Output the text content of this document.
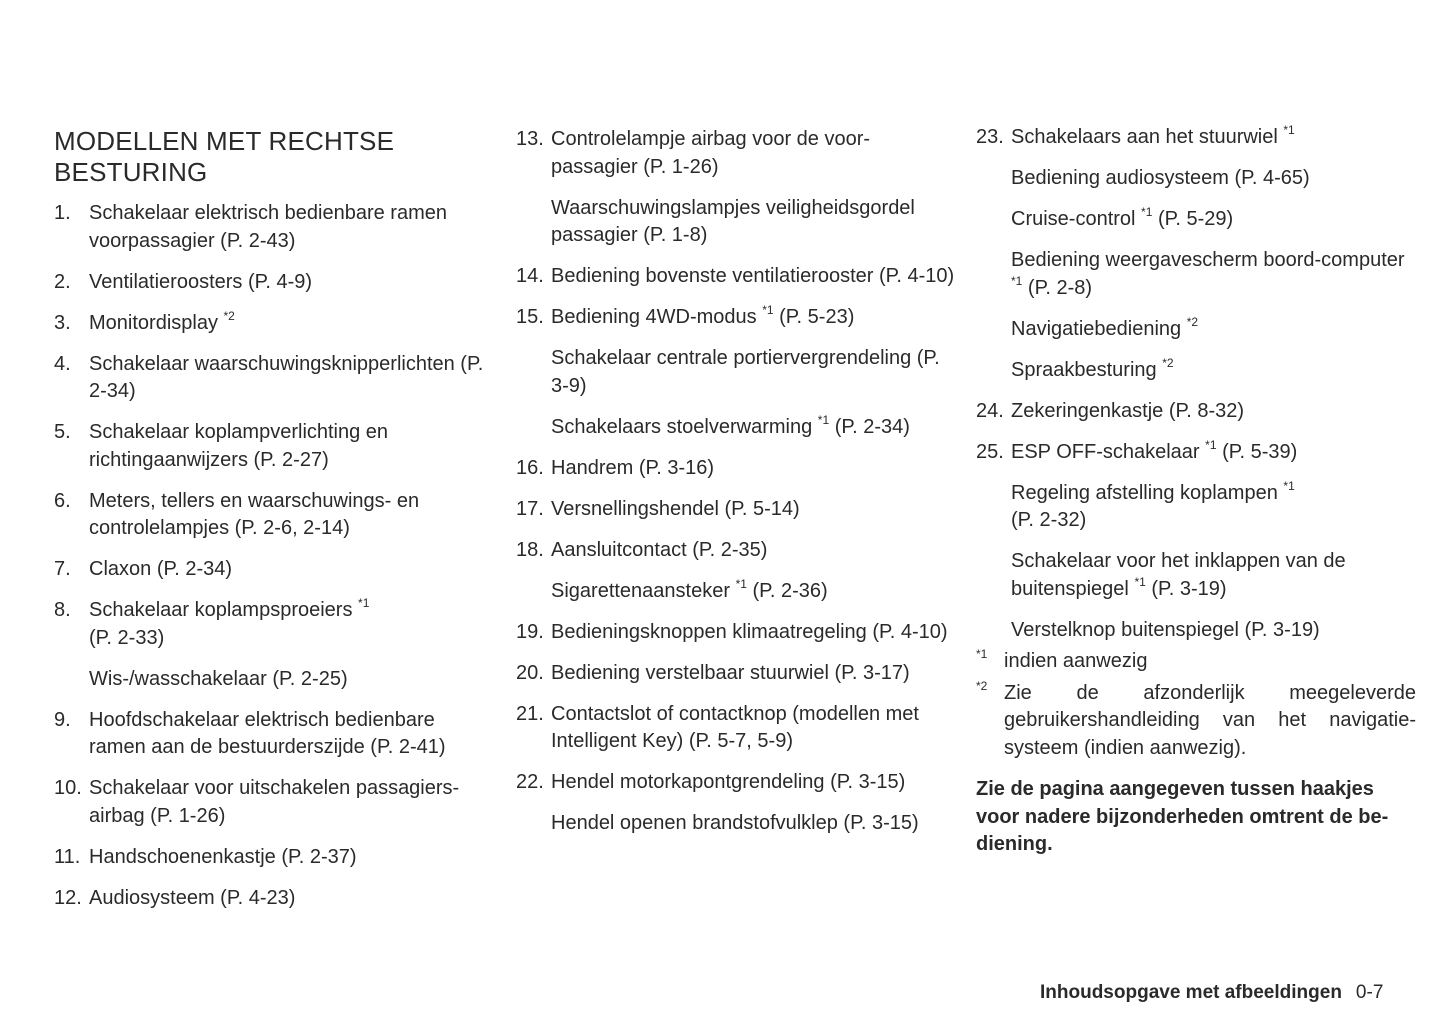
MODELLEN MET RECHTSE
BESTURING
1. Schakelaar elektrisch bedienbare ramen voorpassagier (P. 2-43)
2. Ventilatieroosters (P. 4-9)
3. Monitordisplay $^{*2}$
4. Schakelaar waarschuwingsknipperlichten (P. 2-34)
5. Schakelaar koplampverlichting en richtingaanwijzers (P. 2-27)
6. Meters, tellers en waarschuwings- en controlelampjes (P. 2-6, 2-14)
7. Claxon (P. 2-34)
8. Schakelaar koplampsproeiers $^{*1}$
(P. 2-33)
Wis-/wasschakelaar (P. 2-25)
9. Hoofdschakelaar elektrisch bedienbare ramen aan de bestuurderszijde (P. 2-41)
10. Schakelaar voor uitschakelen passagiers-airbag (P. 1-26)
11. Handschoenenkastje (P. 2-37)
12. Audiosysteem (P. 4-23)
13. Controlelampje airbag voor de voor-passagier (P. 1-26)
Waarschuwingslampjes veiligheidsgordel passagier (P. 1-8)
14. Bediening bovenste ventilatierooster (P. 4-10)
15. Bediening 4WD-modus $^{*1}$ (P. 5-23)
Schakelaar centrale portiervergrendeling (P. 3-9)
Schakelaars stoelverwarming $^{*1}$ (P. 2-34)
16. Handrem (P. 3-16)
17. Versnellingshendel (P. 5-14)
18. Aansluitcontact (P. 2-35)
Sigarettenaansteker $^{*1}$ (P. 2-36)
19. Bedieningsknoppen klimaatregeling (P. 4-10)
20. Bediening verstelbaar stuurwiel (P. 3-17)
21. Contactslot of contactknop (modellen met Intelligent Key) (P. 5-7, 5-9)
22. Hendel motorkapontgrendeling (P. 3-15)
Hendel openen brandstofvulklep (P. 3-15)
23. Schakelaars aan het stuurwiel $^{*1}$
Bediening audiosysteem (P. 4-65)
Cruise-control $^{*1}$ (P. 5-29)
Bediening weergavescherm boord-computer $^{*1}$ (P. 2-8)
Navigatiebediening $^{*2}$
Spraakbesturing $^{*2}$
24. Zekeringenkastje (P. 8-32)
25. ESP OFF-schakelaar $^{*1}$ (P. 5-39)
Regeling afstelling koplampen $^{*1}$
(P. 2-32)
Schakelaar voor het inklappen van de buitenspiegel $^{*1}$ (P. 3-19)
Verstelknop buitenspiegel (P. 3-19)
$^{*1}$ indien aanwezig
$^{*2}$ Zie de afzonderlijk meegeleverde gebruikershandleiding van het navigatie-systeem (indien aanwezig).
Zie de pagina aangegeven tussen haakjes voor nadere bijzonderheden omtrent de be-diening.
Inhoudsopgave met afbeeldingen 0-7
